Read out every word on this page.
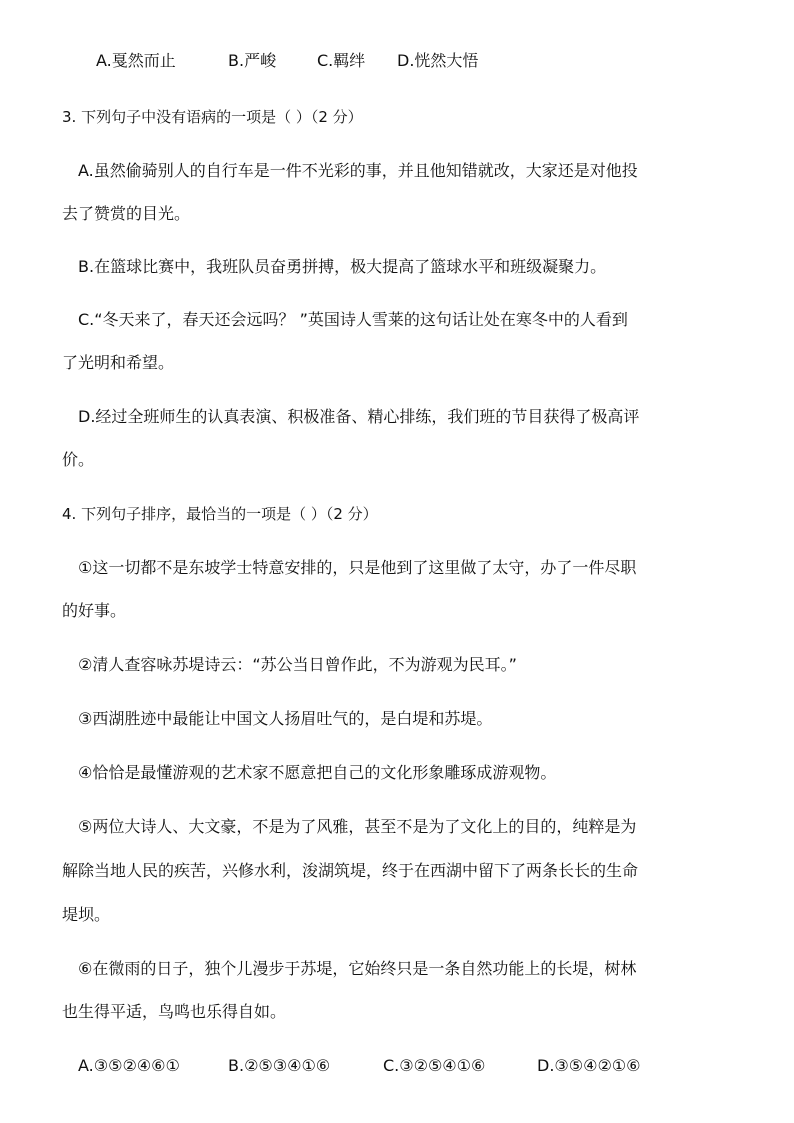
A.戛然而止	B.严峻	C.羁绊 D.恍然大悟
3. 下列句子中没有语病的一项是（ ）（2 分）
A.虽然偷骑别人的自行车是一件不光彩的事，并且他知错就改，大家还是对他投
去了赞赏的目光。
B.在篮球比赛中，我班队员奋勇拼搏，极大提高了篮球水平和班级凝聚力。
C.“冬天来了，春天还会远吗？ ”英国诗人雪莱的这句话让处在寒冬中的人看到
了光明和希望。
D.经过全班师生的认真表演、积极准备、精心排练，我们班的节目获得了极高评
价。
4. 下列句子排序，最恰当的一项是（ ）（2 分）
①这一切都不是东坡学士特意安排的，只是他到了这里做了太守，办了一件尽职
的好事。
②清人查容咏苏堤诗云：“苏公当日曾作此，不为游观为民耳。”
③西湖胜迹中最能让中国文人扬眉吐气的，是白堤和苏堤。
④恰恰是最懂游观的艺术家不愿意把自己的文化形象雕琢成游观物。
⑤两位大诗人、大文豪，不是为了风雅，甚至不是为了文化上的目的，纯粹是为
解除当地人民的疾苦，兴修水利，浚湖筑堤，终于在西湖中留下了两条长长的生命
堤坝。
⑥在微雨的日子，独个儿漫步于苏堤，它始终只是一条自然功能上的长堤，树林
也生得平适，鸟鸣也乐得自如。
A.③⑤②④⑥①	B.②⑤③④①⑥	C.③②⑤④①⑥	D.③⑤④②①⑥
